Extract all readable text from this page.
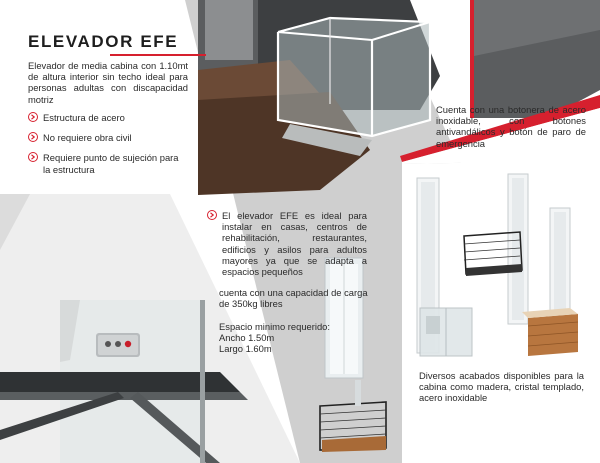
ELEVADOR EFE
Elevador de media cabina con 1.10mt de altura interior sin techo ideal para personas adultas con discapacidad motriz
Estructura de acero
No requiere obra civil
Requiere punto de sujeción para la estructura
Cuenta con una botonera de acero inoxidable, con botones antivandálicos y botón de paro de emergencia
El elevador EFE es ideal para instalar en casas, centros de rehabilitación, restaurantes, edificios y asilos para adultos mayores ya que se adapta a espacios pequeños
cuenta con una capacidad de carga de 350kg libres
Espacio minimo requerido:
Ancho 1.50m
Largo 1.60m
Diversos acabados disponibles para la cabina como madera, cristal templado, acero inoxidable
